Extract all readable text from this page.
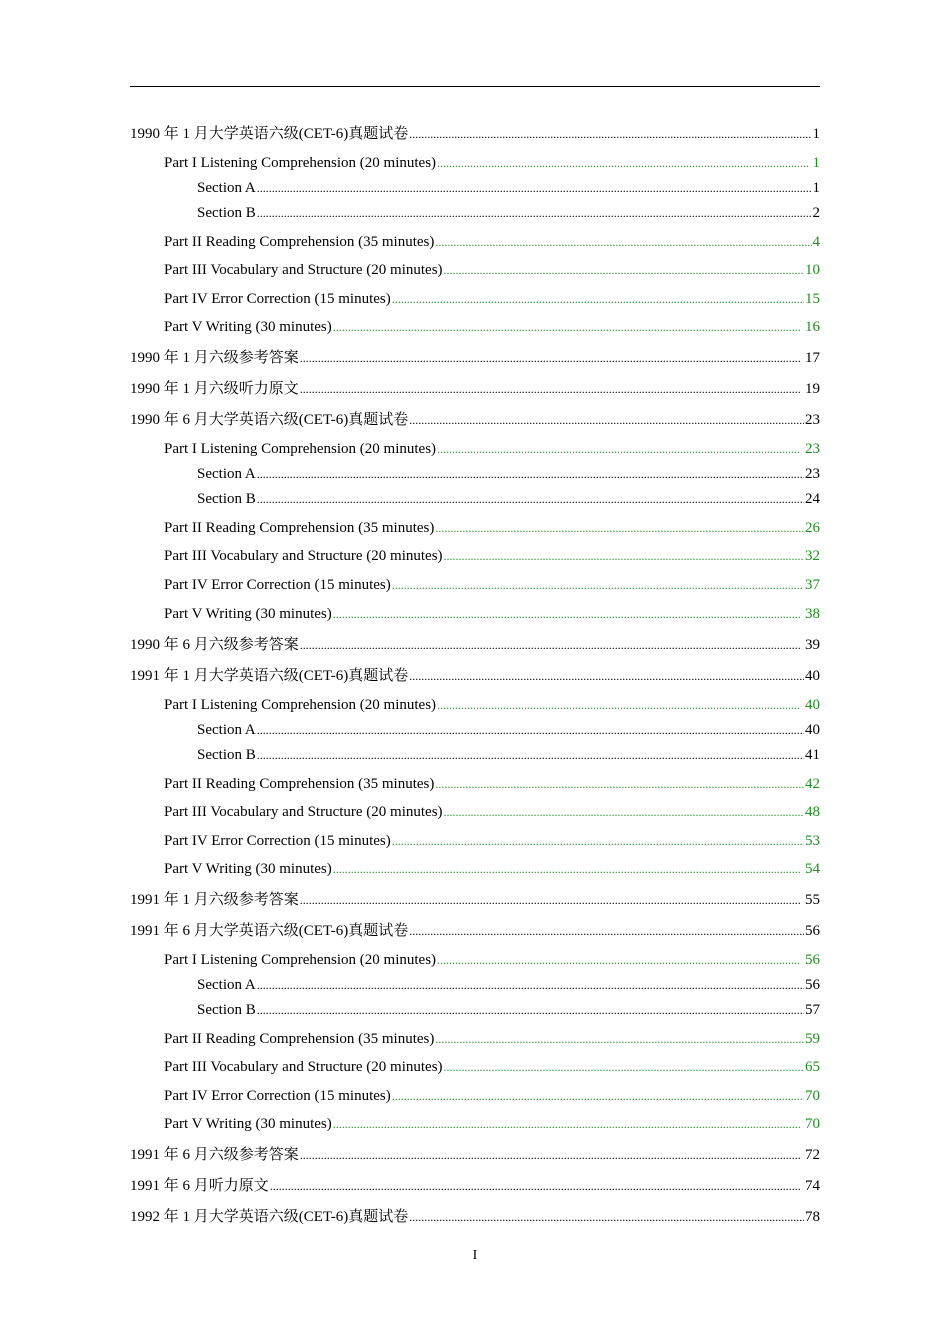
1990 年 1 月大学英语六级(CET-6)真题试卷 .....	1
Part I Listening Comprehension (20 minutes) .....	1
Section A .....	1
Section B .....	2
Part II Reading Comprehension (35 minutes) .....	4
Part III Vocabulary and Structure (20 minutes) .....	10
Part IV Error Correction (15 minutes) .....	15
Part V Writing (30 minutes) .....	16
1990 年 1 月六级参考答案 .....	17
1990 年 1 月六级听力原文 .....	19
1990 年 6 月大学英语六级(CET-6)真题试卷 .....	23
Part I Listening Comprehension (20 minutes) .....	23
Section A .....	23
Section B .....	24
Part II Reading Comprehension (35 minutes) .....	26
Part III Vocabulary and Structure (20 minutes) .....	32
Part IV Error Correction (15 minutes) .....	37
Part V Writing (30 minutes) .....	38
1990 年 6 月六级参考答案 .....	39
1991 年 1 月大学英语六级(CET-6)真题试卷 .....	40
Part I Listening Comprehension (20 minutes) .....	40
Section A .....	40
Section B .....	41
Part II Reading Comprehension (35 minutes) .....	42
Part III Vocabulary and Structure (20 minutes) .....	48
Part IV Error Correction (15 minutes) .....	53
Part V Writing (30 minutes) .....	54
1991 年 1 月六级参考答案 .....	55
1991 年 6 月大学英语六级(CET-6)真题试卷 .....	56
Part I Listening Comprehension (20 minutes) .....	56
Section A .....	56
Section B .....	57
Part II Reading Comprehension (35 minutes) .....	59
Part III Vocabulary and Structure (20 minutes) .....	65
Part IV Error Correction (15 minutes) .....	70
Part V Writing (30 minutes) .....	70
1991 年 6 月六级参考答案 .....	72
1991 年 6 月听力原文 .....	74
1992 年 1 月大学英语六级(CET-6)真题试卷 .....	78
I
